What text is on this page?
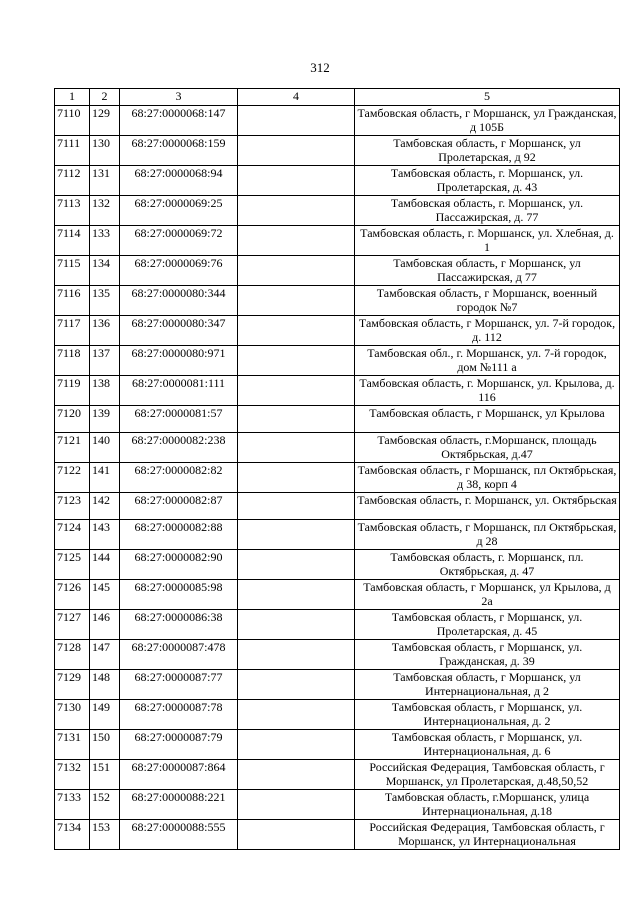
312
1	2	3	4	5
7110	129	68:27:0000068:147		Тамбовская область, г Моршанск, ул Гражданская, д 105Б
7111	130	68:27:0000068:159		Тамбовская область, г Моршанск, ул Пролетарская, д 92
7112	131	68:27:0000068:94		Тамбовская область, г. Моршанск, ул. Пролетарская, д. 43
7113	132	68:27:0000069:25		Тамбовская область, г. Моршанск, ул. Пассажирская, д. 77
7114	133	68:27:0000069:72		Тамбовская область, г. Моршанск, ул. Хлебная, д. 1
7115	134	68:27:0000069:76		Тамбовская область, г Моршанск, ул Пассажирская, д 77
7116	135	68:27:0000080:344		Тамбовская область, г Моршанск, военный городок №7
7117	136	68:27:0000080:347		Тамбовская область, г Моршанск, ул. 7-й городок, д. 112
7118	137	68:27:0000080:971		Тамбовская обл., г. Моршанск, ул. 7-й городок, дом №111 а
7119	138	68:27:0000081:111		Тамбовская область, г. Моршанск, ул. Крылова, д. 116
7120	139	68:27:0000081:57		Тамбовская область, г Моршанск, ул Крылова
7121	140	68:27:0000082:238		Тамбовская область, г.Моршанск, площадь Октябрьская, д.47
7122	141	68:27:0000082:82		Тамбовская область, г Моршанск, пл Октябрьская, д 38, корп 4
7123	142	68:27:0000082:87		Тамбовская область, г. Моршанск, ул. Октябрьская
7124	143	68:27:0000082:88		Тамбовская область, г Моршанск, пл Октябрьская, д 28
7125	144	68:27:0000082:90		Тамбовская область, г. Моршанск, пл. Октябрьская, д. 47
7126	145	68:27:0000085:98		Тамбовская область, г Моршанск, ул Крылова, д 2а
7127	146	68:27:0000086:38		Тамбовская область, г Моршанск, ул. Пролетарская, д. 45
7128	147	68:27:0000087:478		Тамбовская область, г Моршанск, ул. Гражданская, д. 39
7129	148	68:27:0000087:77		Тамбовская область, г Моршанск, ул Интернациональная, д 2
7130	149	68:27:0000087:78		Тамбовская область, г Моршанск, ул. Интернациональная, д. 2
7131	150	68:27:0000087:79		Тамбовская область, г Моршанск, ул. Интернациональная, д. 6
7132	151	68:27:0000087:864		Российская Федерация, Тамбовская область, г Моршанск, ул Пролетарская, д.48,50,52
7133	152	68:27:0000088:221		Тамбовская область, г.Моршанск, улица Интернациональная, д.18
7134	153	68:27:0000088:555		Российская Федерация, Тамбовская область, г Моршанск, ул Интернациональная
